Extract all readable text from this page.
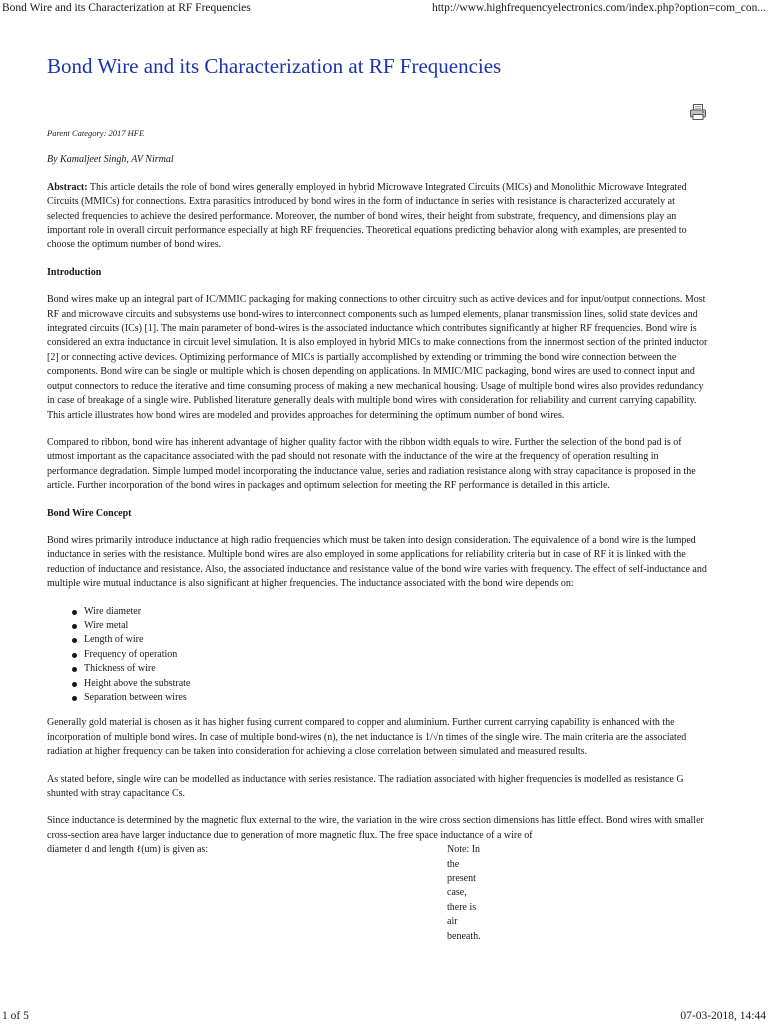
Bond Wire and its Characterization at RF Frequencies	http://www.highfrequencyelectronics.com/index.php?option=com_con...
Bond Wire and its Characterization at RF Frequencies

Parent Category: 2017 HFE

By Kamaljeet Singh, AV Nirmal

Abstract: This article details the role of bond wires generally employed in hybrid Microwave Integrated Circuits (MICs) and Monolithic Microwave Integrated Circuits (MMICs) for connections. Extra parasitics introduced by bond wires in the form of inductance in series with resistance is characterized accurately at selected frequencies to achieve the desired performance. Moreover, the number of bond wires, their height from substrate, frequency, and dimensions play an important role in overall circuit performance especially at high RF frequencies. Theoretical equations predicting behavior along with examples, are presented to choose the optimum number of bond wires.

Introduction

Bond wires make up an integral part of IC/MMIC packaging for making connections to other circuitry such as active devices and for input/output connections. Most RF and microwave circuits and subsystems use bond-wires to interconnect components such as lumped elements, planar transmission lines, solid state devices and integrated circuits (ICs) [1]. The main parameter of bond-wires is the associated inductance which contributes significantly at higher RF frequencies. Bond wire is considered an extra inductance in circuit level simulation. It is also employed in hybrid MICs to make connections from the innermost section of the printed inductor [2] or connecting active devices. Optimizing performance of MICs is partially accomplished by extending or trimming the bond wire connection between the components. Bond wire can be single or multiple which is chosen depending on applications. In MMIC/MIC packaging, bond wires are used to connect input and output connectors to reduce the iterative and time consuming process of making a new mechanical housing. Usage of multiple bond wires also provides redundancy in case of breakage of a single wire. Published literature generally deals with multiple bond wires with consideration for reliability and current carrying capability. This article illustrates how bond wires are modeled and provides approaches for determining the optimum number of bond wires.

Compared to ribbon, bond wire has inherent advantage of higher quality factor with the ribbon width equals to wire. Further the selection of the bond pad is of utmost important as the capacitance associated with the pad should not resonate with the inductance of the wire at the frequency of operation resulting in performance degradation. Simple lumped model incorporating the inductance value, series and radiation resistance along with stray capacitance is proposed in the article. Further incorporation of the bond wires in packages and optimum selection for meeting the RF performance is detailed in this article.

Bond Wire Concept

Bond wires primarily introduce inductance at high radio frequencies which must be taken into design consideration. The equivalence of a bond wire is the lumped inductance in series with the resistance. Multiple bond wires are also employed in some applications for reliability criteria but in case of RF it is linked with the reduction of inductance and resistance. Also, the associated inductance and resistance value of the bond wire varies with frequency. The effect of self-inductance and multiple wire mutual inductance is also significant at higher frequencies. The inductance associated with the bond wire depends on:

Wire diameter
Wire metal
Length of wire
Frequency of operation
Thickness of wire
Height above the substrate
Separation between wires

Generally gold material is chosen as it has higher fusing current compared to copper and aluminium. Further current carrying capability is enhanced with the incorporation of multiple bond wires. In case of multiple bond-wires (n), the net inductance is 1/√n times of the single wire. The main criteria are the associated radiation at higher frequency can be taken into consideration for achieving a close correlation between simulated and measured results.

As stated before, single wire can be modelled as inductance with series resistance. The radiation associated with higher frequencies is modelled as resistance G shunted with stray capacitance Cs.

Since inductance is determined by the magnetic flux external to the wire, the variation in the wire cross section dimensions has little effect. Bond wires with smaller cross-section area have larger inductance due to generation of more magnetic flux. The free space inductance of a wire of
diameter d and length ℓ(um) is given as:	Note: In the present case, there is air beneath.

1 of 5	07-03-2018, 14:44
